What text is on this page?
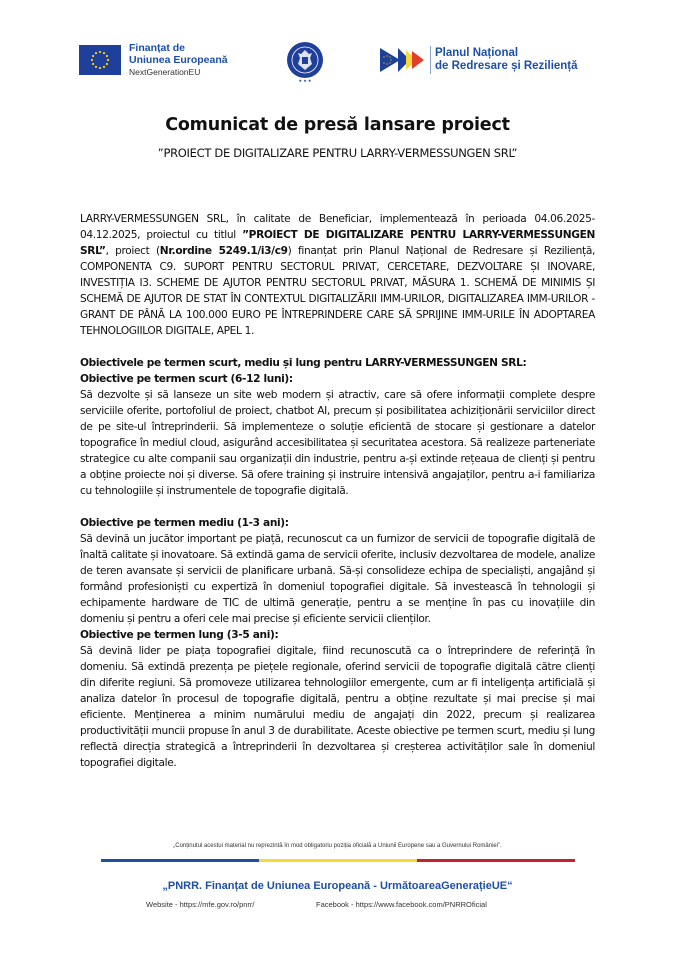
Finanțat de
Uniunea Europeană
NextGenerationEU
★ ★ ★
Planul Național
de Redresare și Reziliență
Comunicat de presă lansare proiect
”PROIECT DE DIGITALIZARE PENTRU LARRY-VERMESSUNGEN SRL”

LARRY-VERMESSUNGEN SRL, în calitate de Beneficiar, implementează în perioada 04.06.2025-04.12.2025, proiectul cu titlul ”PROIECT DE DIGITALIZARE PENTRU LARRY-VERMESSUNGEN SRL”, proiect (Nr.ordine 5249.1/i3/c9) finanțat prin Planul Național de Redresare și Reziliență, COMPONENTA C9. SUPORT PENTRU SECTORUL PRIVAT, CERCETARE, DEZVOLTARE ȘI INOVARE, INVESTIȚIA I3. SCHEME DE AJUTOR PENTRU SECTORUL PRIVAT, MĂSURA 1. SCHEMĂ DE MINIMIS ȘI SCHEMĂ DE AJUTOR DE STAT ÎN CONTEXTUL DIGITALIZĂRII IMM-URILOR, DIGITALIZAREA IMM-URILOR - GRANT DE PÂNĂ LA 100.000 EURO PE ÎNTREPRINDERE CARE SĂ SPRIJINE IMM-URILE ÎN ADOPTAREA TEHNOLOGIILOR DIGITALE, APEL 1.

Obiectivele pe termen scurt, mediu și lung pentru LARRY-VERMESSUNGEN SRL:

Obiective pe termen scurt (6-12 luni):

Să dezvolte și să lanseze un site web modern și atractiv, care să ofere informații complete despre serviciile oferite, portofoliul de proiect, chatbot AI, precum și posibilitatea achiziționării serviciilor direct de pe site-ul întreprinderii. Să implementeze o soluție eficientă de stocare și gestionare a datelor topografice în mediul cloud, asigurând accesibilitatea și securitatea acestora. Să realizeze parteneriate strategice cu alte companii sau organizații din industrie, pentru a-și extinde rețeaua de clienți și pentru a obține proiecte noi și diverse. Să ofere training și instruire intensivă angajaților, pentru a-i familiariza cu tehnologiile și instrumentele de topografie digitală.

Obiective pe termen mediu (1-3 ani):

Să devină un jucător important pe piață, recunoscut ca un furnizor de servicii de topografie digitală de înaltă calitate și inovatoare. Să extindă gama de servicii oferite, inclusiv dezvoltarea de modele, analize de teren avansate și servicii de planificare urbană. Să-și consolideze echipa de specialiști, angajând și formând profesioniști cu expertiză în domeniul topografiei digitale. Să investească în tehnologii și echipamente hardware de TIC de ultimă generație, pentru a se menține în pas cu inovațiile din domeniu și pentru a oferi cele mai precise și eficiente servicii clienților.

Obiective pe termen lung (3-5 ani):

Să devină lider pe piața topografiei digitale, fiind recunoscută ca o întreprindere de referință în domeniu. Să extindă prezența pe piețele regionale, oferind servicii de topografie digitală către clienți din diferite regiuni. Să promoveze utilizarea tehnologiilor emergente, cum ar fi inteligența artificială și analiza datelor în procesul de topografie digitală, pentru a obține rezultate și mai precise și mai eficiente. Menținerea a minim numărului mediu de angajați din 2022, precum și realizarea productivității muncii propuse în anul 3 de durabilitate. Aceste obiective pe termen scurt, mediu și lung reflectă direcția strategică a întreprinderii în dezvoltarea și creșterea activităților sale în domeniul topografiei digitale.

„Conținutul acestui material nu reprezintă în mod obligatoriu poziția oficială a Uniunii Europene sau a Guvernului României”.
„PNRR. Finanțat de Uniunea Europeană - UrmătoareaGenerațieUE“
Website - https://mfe.gov.ro/pnrr/	Facebook - https://www.facebook.com/PNRROficial
